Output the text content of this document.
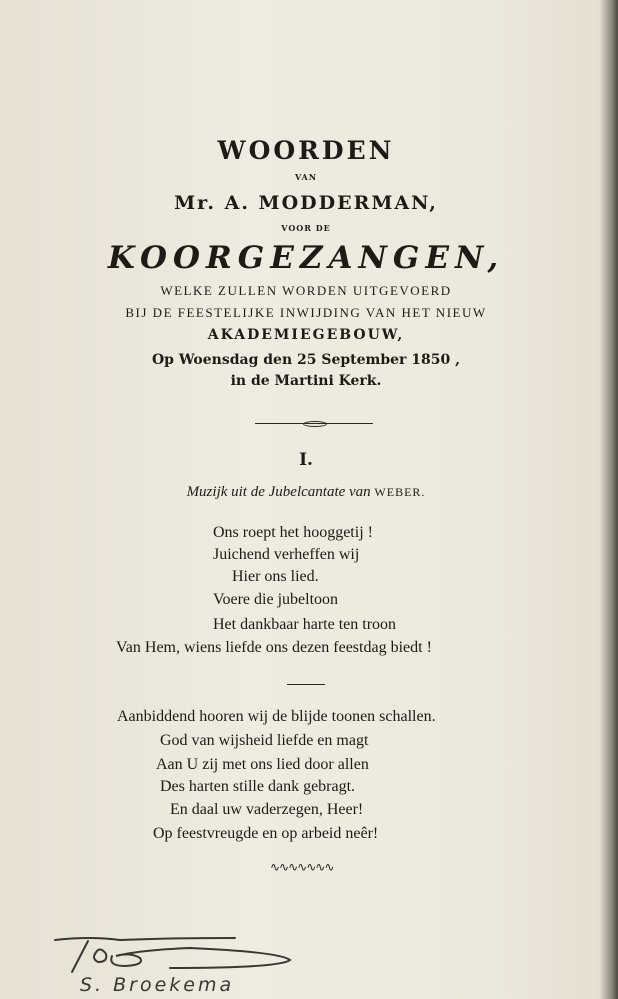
WOORDEN
VAN
Mr. A. MODDERMAN,
VOOR DE
KOORGEZANGEN,
WELKE ZULLEN WORDEN UITGEVOERD
BIJ DE FEESTELIJKE INWIJDING VAN HET NIEUW
AKADEMIEGEBOUW,
Op Woensdag den 25 September 1850 ,
in de Martini Kerk.
I.
Muzijk uit de Jubelcantate van WEBER.
Ons roept het hooggetij !
Juichend verheffen wij
Hier ons lied.
Voere die jubeltoon
Het dankbaar harte ten troon
Van Hem, wiens liefde ons dezen feestdag biedt !
Aanbiddend hooren wij de blijde toonen schallen.
God van wijsheid liefde en magt
Aan U zij met ons lied door allen
Des harten stille dank gebragt.
En daal uw vaderzegen, Heer!
Op feestvreugde en op arbeid neêr!
∿∿∿∿∿∿∿
S. Broekema
